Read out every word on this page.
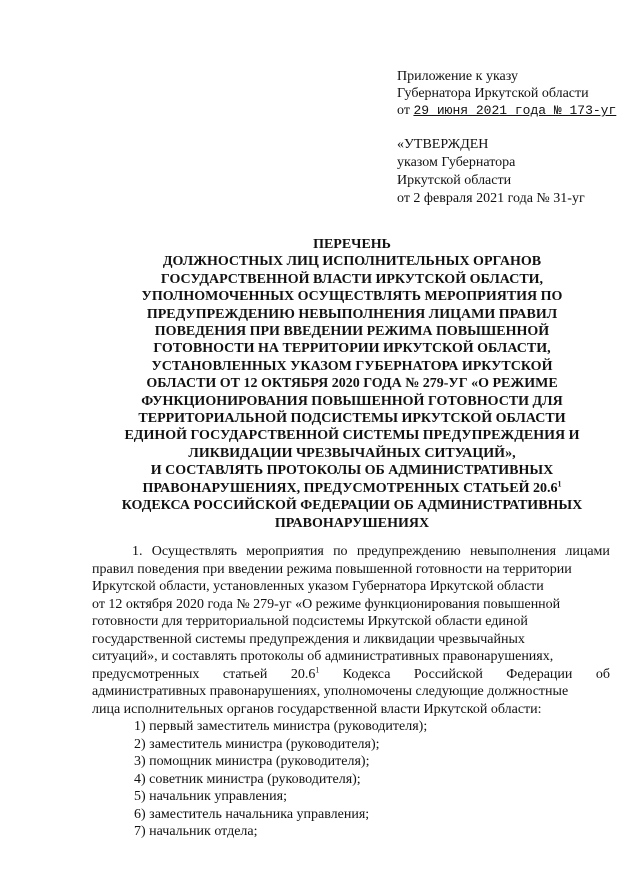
Приложение к указу
Губернатора Иркутской области
от 29 июня 2021 года № 173-уг
«УТВЕРЖДЕН
указом Губернатора
Иркутской области
от 2 февраля 2021 года № 31-уг
ПЕРЕЧЕНЬ
ДОЛЖНОСТНЫХ ЛИЦ ИСПОЛНИТЕЛЬНЫХ ОРГАНОВ
ГОСУДАРСТВЕННОЙ ВЛАСТИ ИРКУТСКОЙ ОБЛАСТИ,
УПОЛНОМОЧЕННЫХ ОСУЩЕСТВЛЯТЬ МЕРОПРИЯТИЯ ПО
ПРЕДУПРЕЖДЕНИЮ НЕВЫПОЛНЕНИЯ ЛИЦАМИ ПРАВИЛ
ПОВЕДЕНИЯ ПРИ ВВЕДЕНИИ РЕЖИМА ПОВЫШЕННОЙ
ГОТОВНОСТИ НА ТЕРРИТОРИИ ИРКУТСКОЙ ОБЛАСТИ,
УСТАНОВЛЕННЫХ УКАЗОМ ГУБЕРНАТОРА ИРКУТСКОЙ
ОБЛАСТИ ОТ 12 ОКТЯБРЯ 2020 ГОДА № 279-УГ «О РЕЖИМЕ
ФУНКЦИОНИРОВАНИЯ ПОВЫШЕННОЙ ГОТОВНОСТИ ДЛЯ
ТЕРРИТОРИАЛЬНОЙ ПОДСИСТЕМЫ ИРКУТСКОЙ ОБЛАСТИ
ЕДИНОЙ ГОСУДАРСТВЕННОЙ СИСТЕМЫ ПРЕДУПРЕЖДЕНИЯ И
ЛИКВИДАЦИИ ЧРЕЗВЫЧАЙНЫХ СИТУАЦИЙ»,
И СОСТАВЛЯТЬ ПРОТОКОЛЫ ОБ АДМИНИСТРАТИВНЫХ
ПРАВОНАРУШЕНИЯХ, ПРЕДУСМОТРЕННЫХ СТАТЬЕЙ 20.6$^1$
КОДЕКСА РОССИЙСКОЙ ФЕДЕРАЦИИ ОБ АДМИНИСТРАТИВНЫХ
ПРАВОНАРУШЕНИЯХ
1. Осуществлять мероприятия по предупреждению невыполнения лицами
правил поведения при введении режима повышенной готовности на территории
Иркутской области, установленных указом Губернатора Иркутской области
от 12 октября 2020 года № 279-уг «О режиме функционирования повышенной
готовности для территориальной подсистемы Иркутской области единой
государственной системы предупреждения и ликвидации чрезвычайных
ситуаций», и составлять протоколы об административных правонарушениях,
предусмотренных статьей 20.6$^1$ Кодекса Российской Федерации об
административных правонарушениях, уполномочены следующие должностные
лица исполнительных органов государственной власти Иркутской области:
1) первый заместитель министра (руководителя);
2) заместитель министра (руководителя);
3) помощник министра (руководителя);
4) советник министра (руководителя);
5) начальник управления;
6) заместитель начальника управления;
7) начальник отдела;
